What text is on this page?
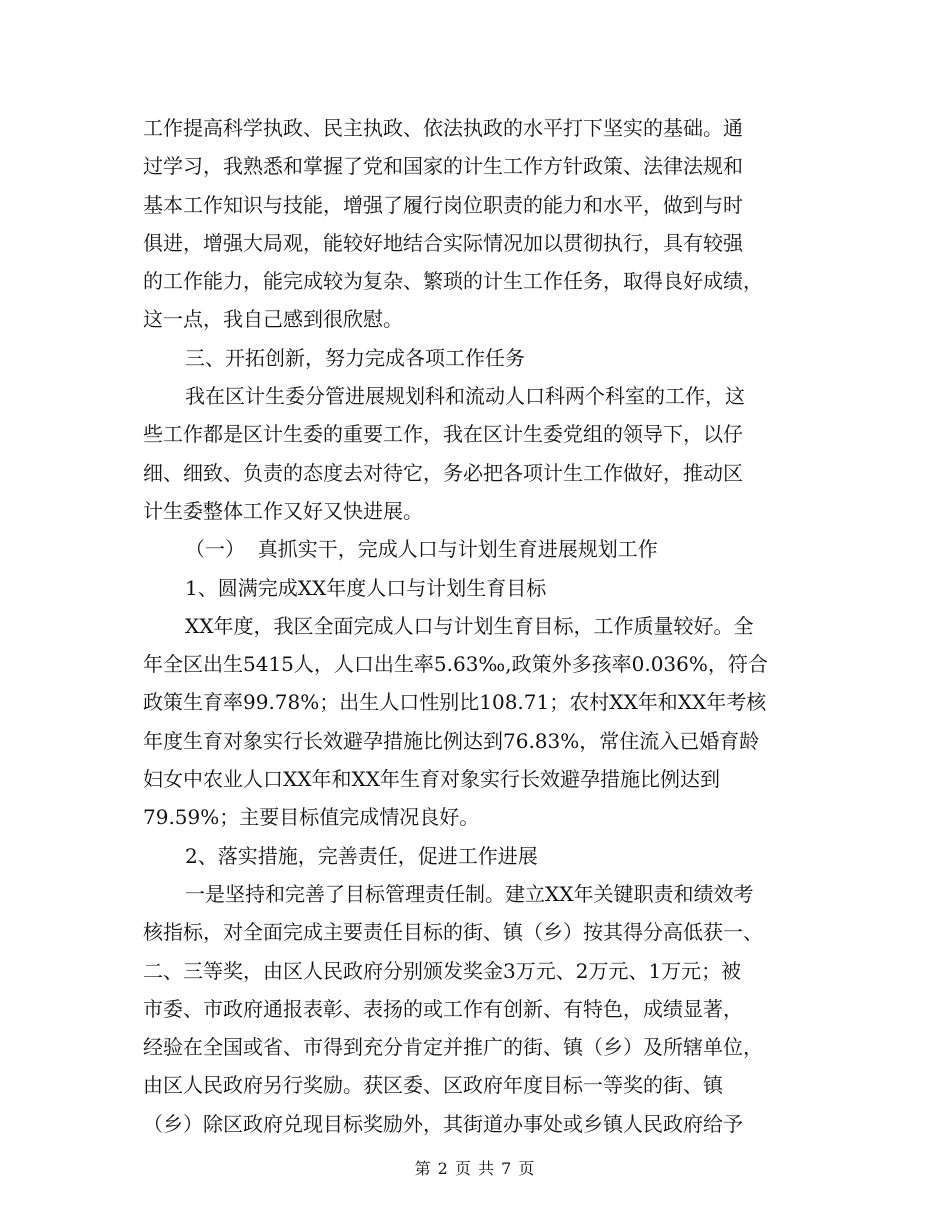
工作提高科学执政、民主执政、依法执政的水平打下坚实的基础。通
过学习，我熟悉和掌握了党和国家的计生工作方针政策、法律法规和
基本工作知识与技能，增强了履行岗位职责的能力和水平，做到与时
俱进，增强大局观，能较好地结合实际情况加以贯彻执行，具有较强
的工作能力，能完成较为复杂、繁琐的计生工作任务，取得良好成绩，
这一点，我自己感到很欣慰。
三、开拓创新，努力完成各项工作任务
我在区计生委分管进展规划科和流动人口科两个科室的工作，这
些工作都是区计生委的重要工作，我在区计生委党组的领导下，以仔
细、细致、负责的态度去对待它，务必把各项计生工作做好，推动区
计生委整体工作又好又快进展。
（一）  真抓实干，完成人口与计划生育进展规划工作
1、圆满完成XX年度人口与计划生育目标
XX年度，我区全面完成人口与计划生育目标，工作质量较好。全
年全区出生5415人，人口出生率5.63‰,政策外多孩率0.036%，符合
政策生育率99.78%；出生人口性别比108.71；农村XX年和XX年考核
年度生育对象实行长效避孕措施比例达到76.83%，常住流入已婚育龄
妇女中农业人口XX年和XX年生育对象实行长效避孕措施比例达到
79.59%；主要目标值完成情况良好。
2、落实措施，完善责任，促进工作进展
一是坚持和完善了目标管理责任制。建立XX年关键职责和绩效考
核指标，对全面完成主要责任目标的街、镇（乡）按其得分高低获一、
二、三等奖，由区人民政府分别颁发奖金3万元、2万元、1万元；被
市委、市政府通报表彰、表扬的或工作有创新、有特色，成绩显著，
经验在全国或省、市得到充分肯定并推广的街、镇（乡）及所辖单位，
由区人民政府另行奖励。获区委、区政府年度目标一等奖的街、镇
（乡）除区政府兑现目标奖励外，其街道办事处或乡镇人民政府给予
第 2 页 共 7 页
